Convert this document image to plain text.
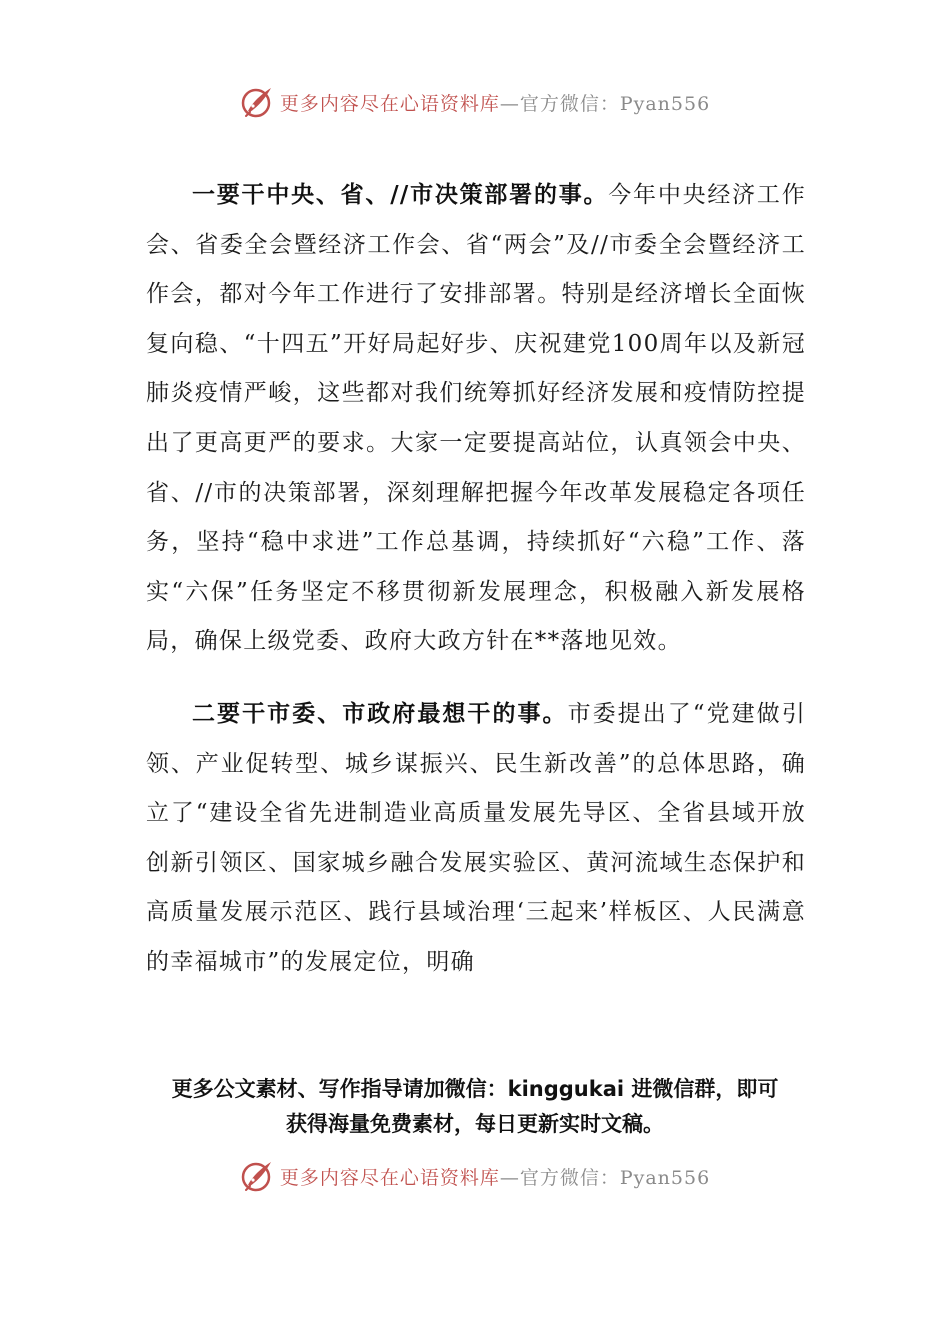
更多内容尽在心语资料库—官方微信：Pyan556

一要干中央、省、//市决策部署的事。今年中央经济工作会、省委全会暨经济工作会、省“两会”及//市委全会暨经济工作会，都对今年工作进行了安排部署。特别是经济增长全面恢复向稳、“十四五”开好局起好步、庆祝建党100周年以及新冠肺炎疫情严峻，这些都对我们统筹抓好经济发展和疫情防控提出了更高更严的要求。大家一定要提高站位，认真领会中央、省、//市的决策部署，深刻理解把握今年改革发展稳定各项任务，坚持“稳中求进”工作总基调，持续抓好“六稳”工作、落实“六保”任务坚定不移贯彻新发展理念，积极融入新发展格局，确保上级党委、政府大政方针在**落地见效。

二要干市委、市政府最想干的事。市委提出了“党建做引领、产业促转型、城乡谋振兴、民生新改善”的总体思路，确立了“建设全省先进制造业高质量发展先导区、全省县域开放创新引领区、国家城乡融合发展实验区、黄河流域生态保护和高质量发展示范区、践行县域治理‘三起来’样板区、人民满意的幸福城市”的发展定位，明确

更多公文素材、写作指导请加微信：kinggukai 进微信群，即可
获得海量免费素材，每日更新实时文稿。
更多内容尽在心语资料库—官方微信：Pyan556
